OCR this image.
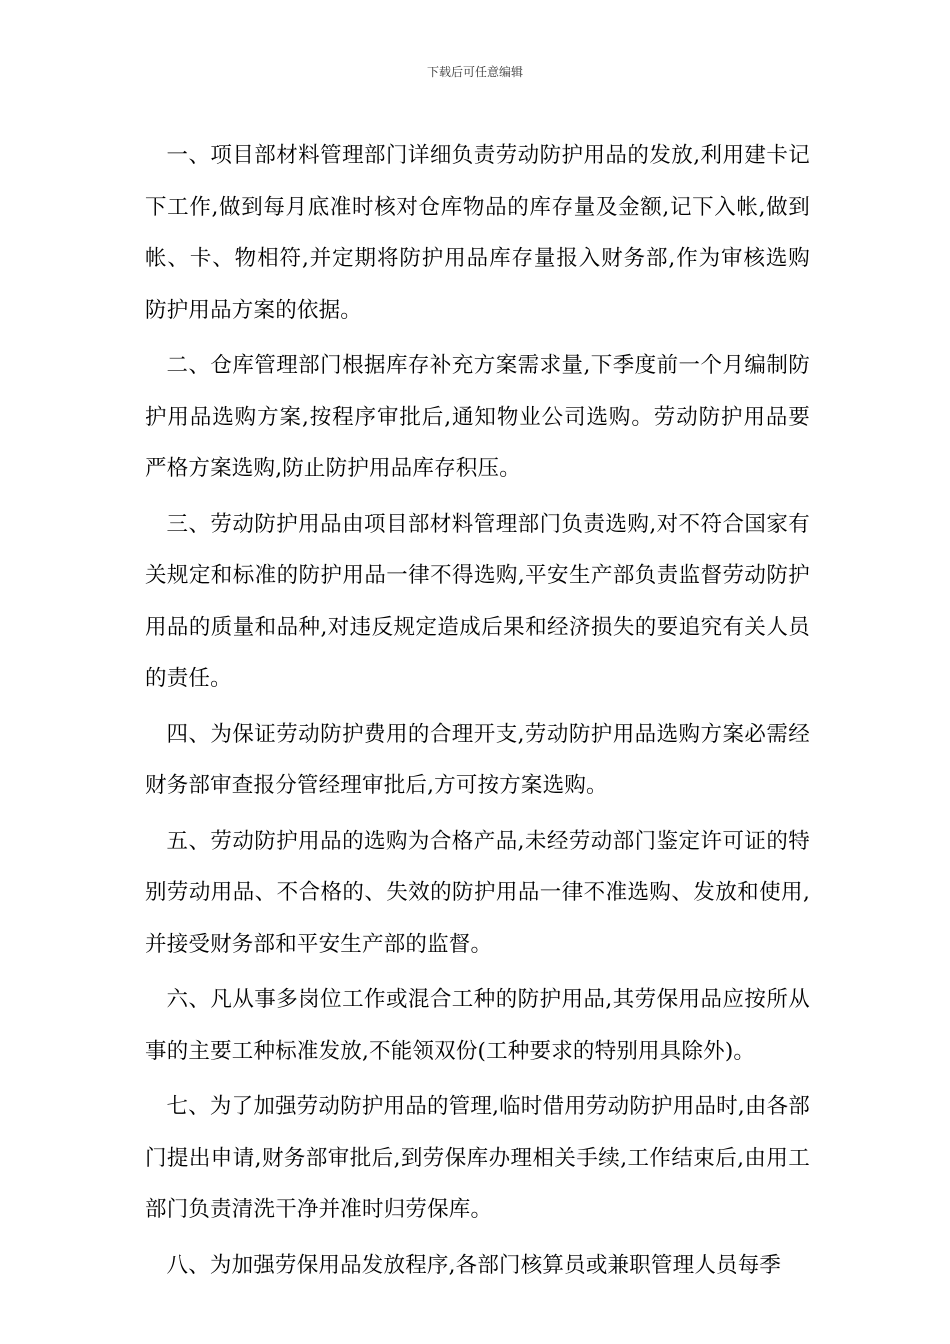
下载后可任意编辑

一、项目部材料管理部门详细负责劳动防护用品的发放,利用建卡记下工作,做到每月底准时核对仓库物品的库存量及金额,记下入帐,做到帐、卡、物相符,并定期将防护用品库存量报入财务部,作为审核选购防护用品方案的依据。

二、仓库管理部门根据库存补充方案需求量,下季度前一个月编制防护用品选购方案,按程序审批后,通知物业公司选购。劳动防护用品要严格方案选购,防止防护用品库存积压。

三、劳动防护用品由项目部材料管理部门负责选购,对不符合国家有关规定和标准的防护用品一律不得选购,平安生产部负责监督劳动防护用品的质量和品种,对违反规定造成后果和经济损失的要追究有关人员的责任。

四、为保证劳动防护费用的合理开支,劳动防护用品选购方案必需经财务部审查报分管经理审批后,方可按方案选购。

五、劳动防护用品的选购为合格产品,未经劳动部门鉴定许可证的特别劳动用品、不合格的、失效的防护用品一律不准选购、发放和使用,并接受财务部和平安生产部的监督。

六、凡从事多岗位工作或混合工种的防护用品,其劳保用品应按所从事的主要工种标准发放,不能领双份(工种要求的特别用具除外)。

七、为了加强劳动防护用品的管理,临时借用劳动防护用品时,由各部门提出申请,财务部审批后,到劳保库办理相关手续,工作结束后,由用工部门负责清洗干净并准时归劳保库。

八、为加强劳保用品发放程序,各部门核算员或兼职管理人员每季
